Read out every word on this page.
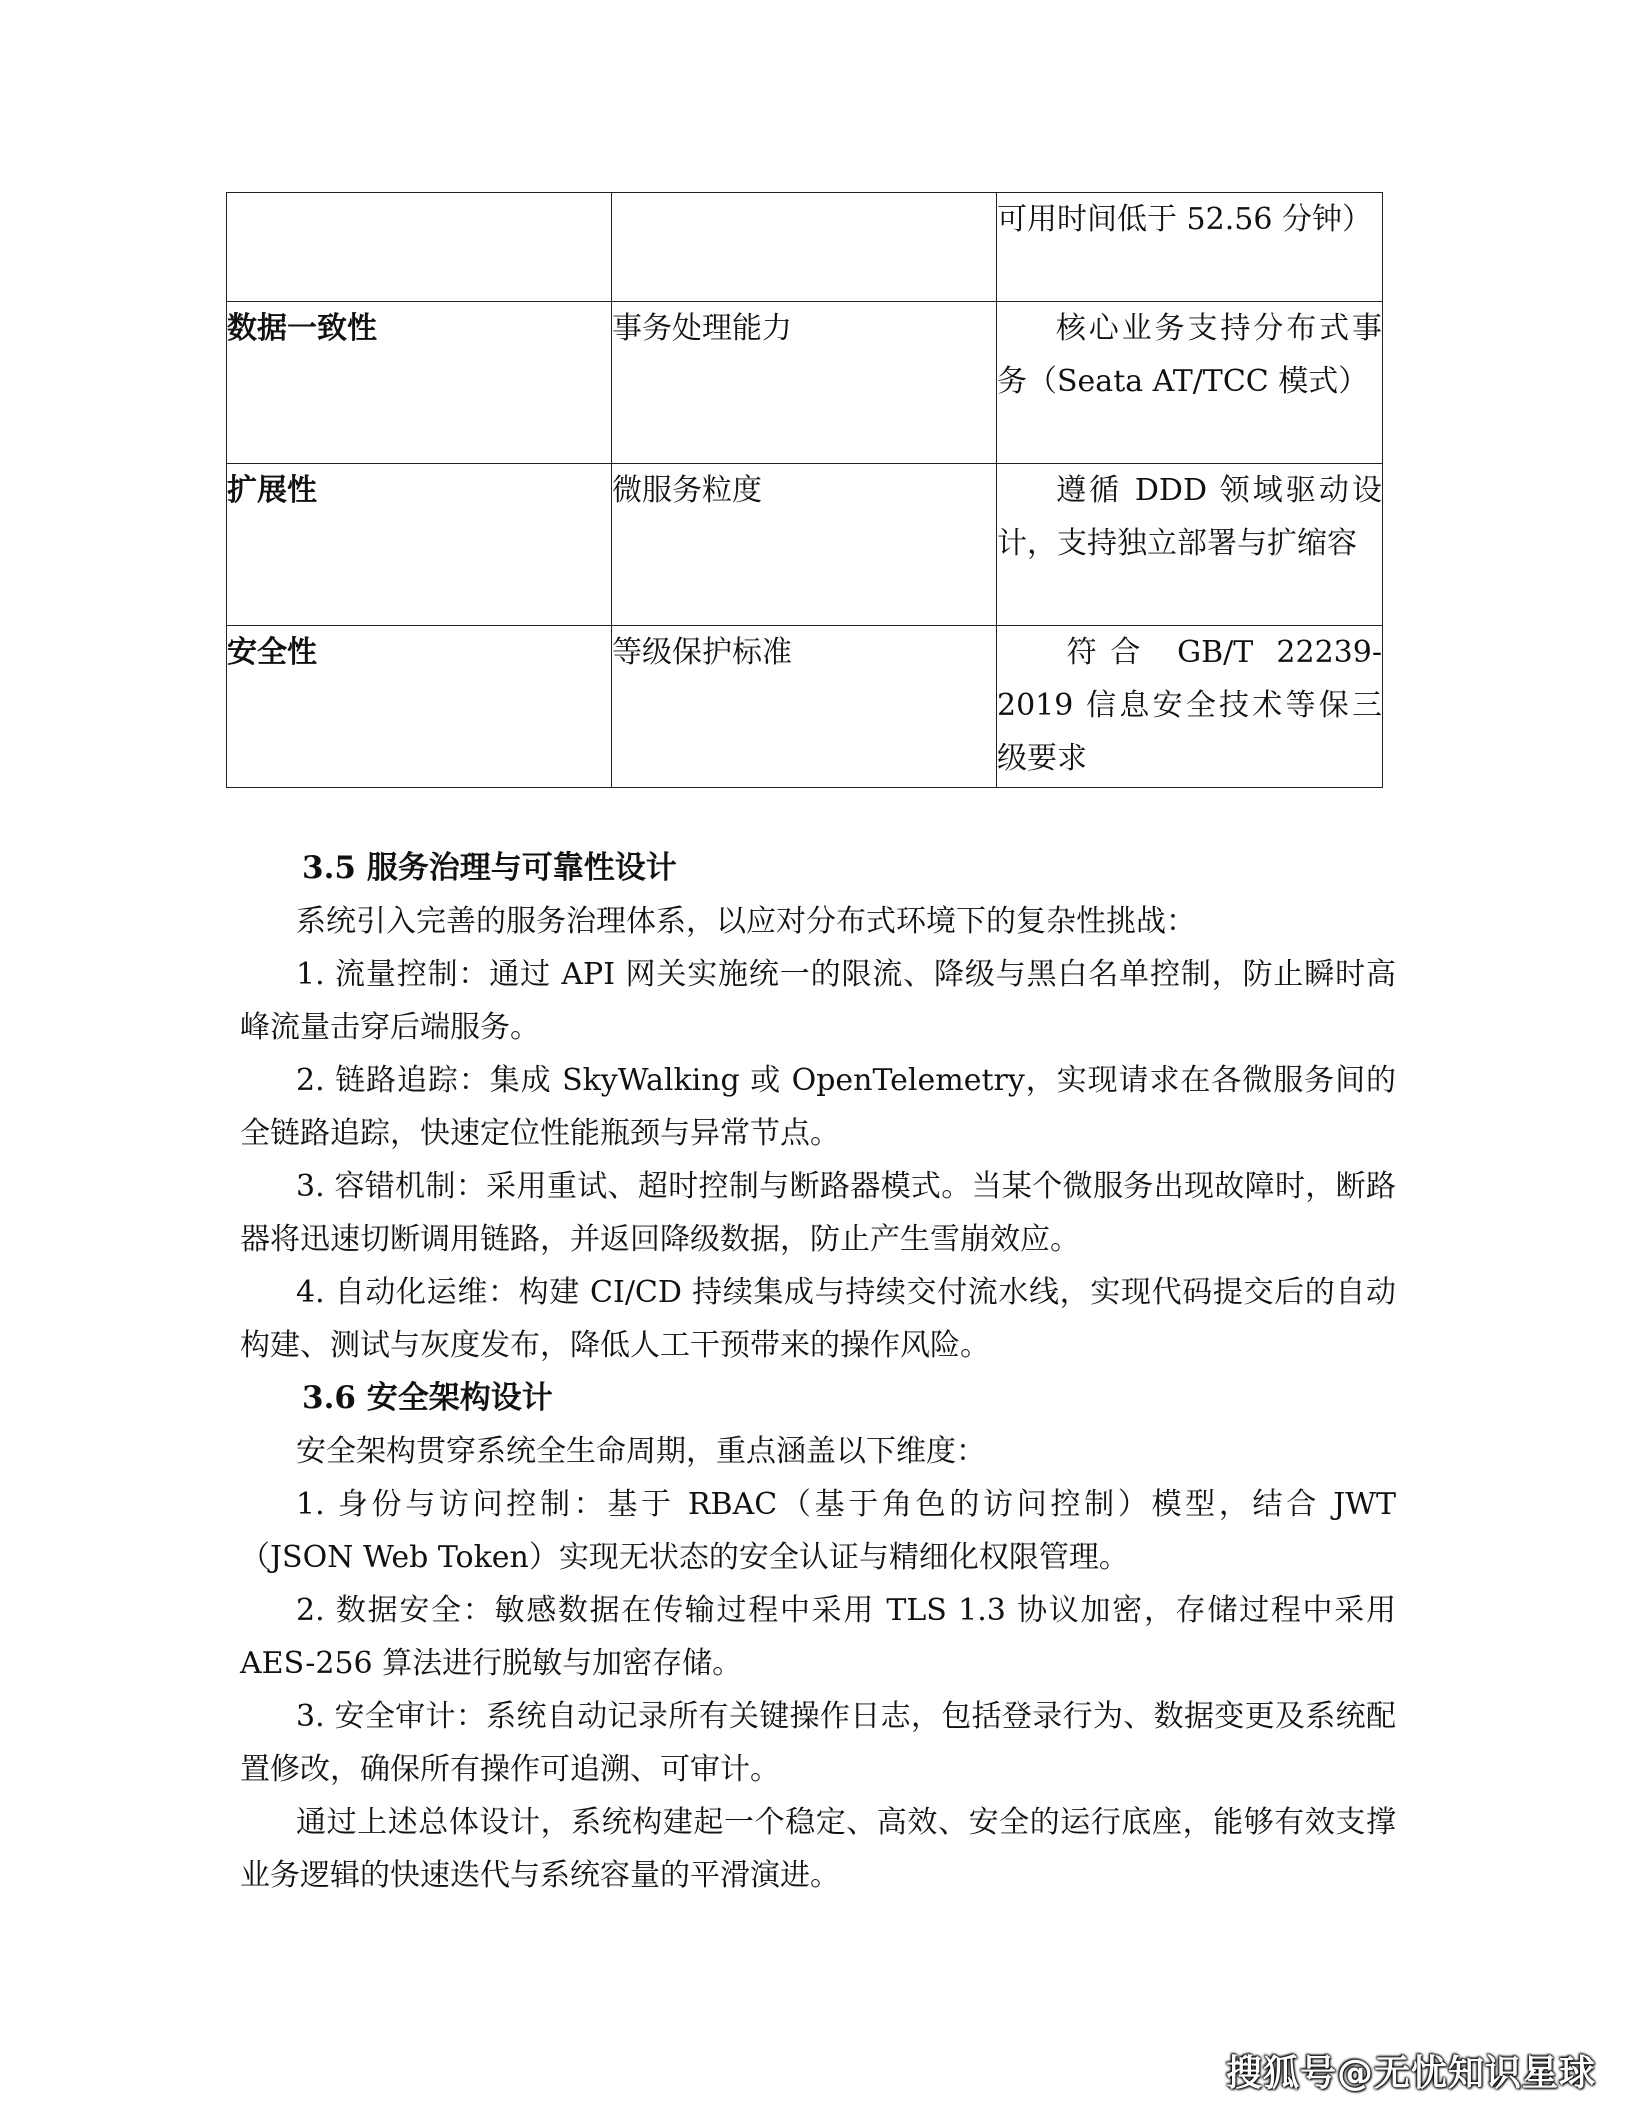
		可用时间低于 52.56 分钟）
数据一致性	事务处理能力	核心业务支持分布式事务（Seata AT/TCC 模式）
扩展性	微服务粒度	遵循 DDD 领域驱动设计，支持独立部署与扩缩容
安全性	等级保护标准	符合 GB/T 22239-2019 信息安全技术等保三级要求
3.5 服务治理与可靠性设计

系统引入完善的服务治理体系，以应对分布式环境下的复杂性挑战：

1. 流量控制：通过 API 网关实施统一的限流、降级与黑白名单控制，防止瞬时高峰流量击穿后端服务。

2. 链路追踪：集成 SkyWalking 或 OpenTelemetry，实现请求在各微服务间的全链路追踪，快速定位性能瓶颈与异常节点。

3. 容错机制：采用重试、超时控制与断路器模式。当某个微服务出现故障时，断路器将迅速切断调用链路，并返回降级数据，防止产生雪崩效应。

4. 自动化运维：构建 CI/CD 持续集成与持续交付流水线，实现代码提交后的自动构建、测试与灰度发布，降低人工干预带来的操作风险。

3.6 安全架构设计

安全架构贯穿系统全生命周期，重点涵盖以下维度：

1. 身份与访问控制：基于 RBAC（基于角色的访问控制）模型，结合 JWT（JSON Web Token）实现无状态的安全认证与精细化权限管理。

2. 数据安全：敏感数据在传输过程中采用 TLS 1.3 协议加密，存储过程中采用 AES-256 算法进行脱敏与加密存储。

3. 安全审计：系统自动记录所有关键操作日志，包括登录行为、数据变更及系统配置修改，确保所有操作可追溯、可审计。

通过上述总体设计，系统构建起一个稳定、高效、安全的运行底座，能够有效支撑业务逻辑的快速迭代与系统容量的平滑演进。

搜狐号@无忧知识星球
